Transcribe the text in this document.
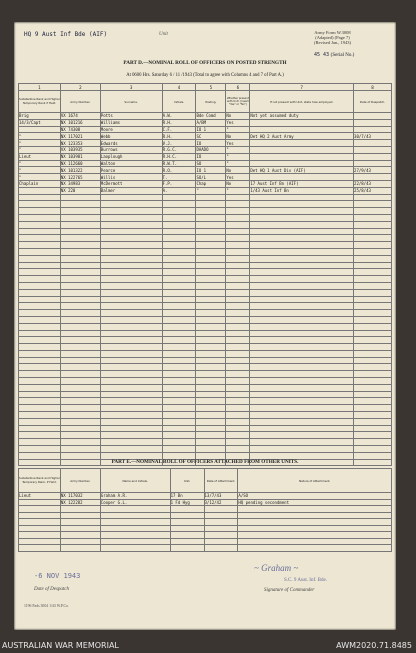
HQ 9 Aust Inf Bde (AIF)	Unit	Army Form W.3008
(Adapted) (Page 7)
(Revised Jan., 1943)
45 43 (Serial No.)
PART D.—NOMINAL ROLL OF OFFICERS ON POSTED STRENGTH
At 0600 Hrs. Saturday 6 / 11 /1943 (Total to agree with Columns 4 and 7 of Part A.)
1	2	3	4	5	6	7	8
Substantive Rank and Higher Temporary Rank if Held.	Army Number.	Surname.	Initials.	Posting.	Whether present with Unit. (Insert "Yes" or "No")	If not present with Unit, state how employed.	Date of Despatch.
Brig	VX 1674	Potts	A.W.	Bde Comd	No	Not yet assumed duty	
14/3/Capt	NX 101216	Williams	R.H.	A/BM	Yes		
	NX 74308	Moore	C.F.	IO 1	"		
"	NX 117021	Webb	R.H.	SC	No	Det HQ 2 Aust Army	30/7/43
"	NX 123353	Edwards	V.J.	IO	Yes		
"	VX 103935	Burrows	R.G.C.	DAADO	"		
Lieut	NX 103981	Laoplough	R.H.C.	IO	"		
"	NX 112660	Walton	R.W.T.	SO	"		
"	NX 101322	Pearce	R.O.	IO 1	No	Det HQ 1 Aust Div (AIF)	27/9/43
"	NX 122765	Willis	T.	SO/L	Yes		
Chaplain	NX 34983	McDermott	F.P.	Chap	No	17 Aust Inf Bn (AIF)	22/8/43
	NX 220	Balmer	A.	"	"	1/43 Aust Inf Bn	25/8/43

PART E.—NOMINAL ROLL OF OFFICERS ATTACHED FROM OTHER UNITS.
Substantive Rank and Higher Temporary Rank, if Held.	Army Number.	Name and Initials.	Unit.	Date of Attachment.	Nature of Attachment.
Lieut	NX 117032	Graham A.R.	17 Bn	13/7/43	A/SO
	NX 122282	Cooper G.L.	1 Fd Hyg	3/12/42	HQ pending secondment

~ Graham ~
-6 NOV 1943
Date of Despatch
S.C. 9 Aust. Inf. Bde.
Signature of Commander
1196 Pads 3004 1/43 W.P.Co.
AUSTRALIAN WAR MEMORIAL	AWM2020.71.8485
